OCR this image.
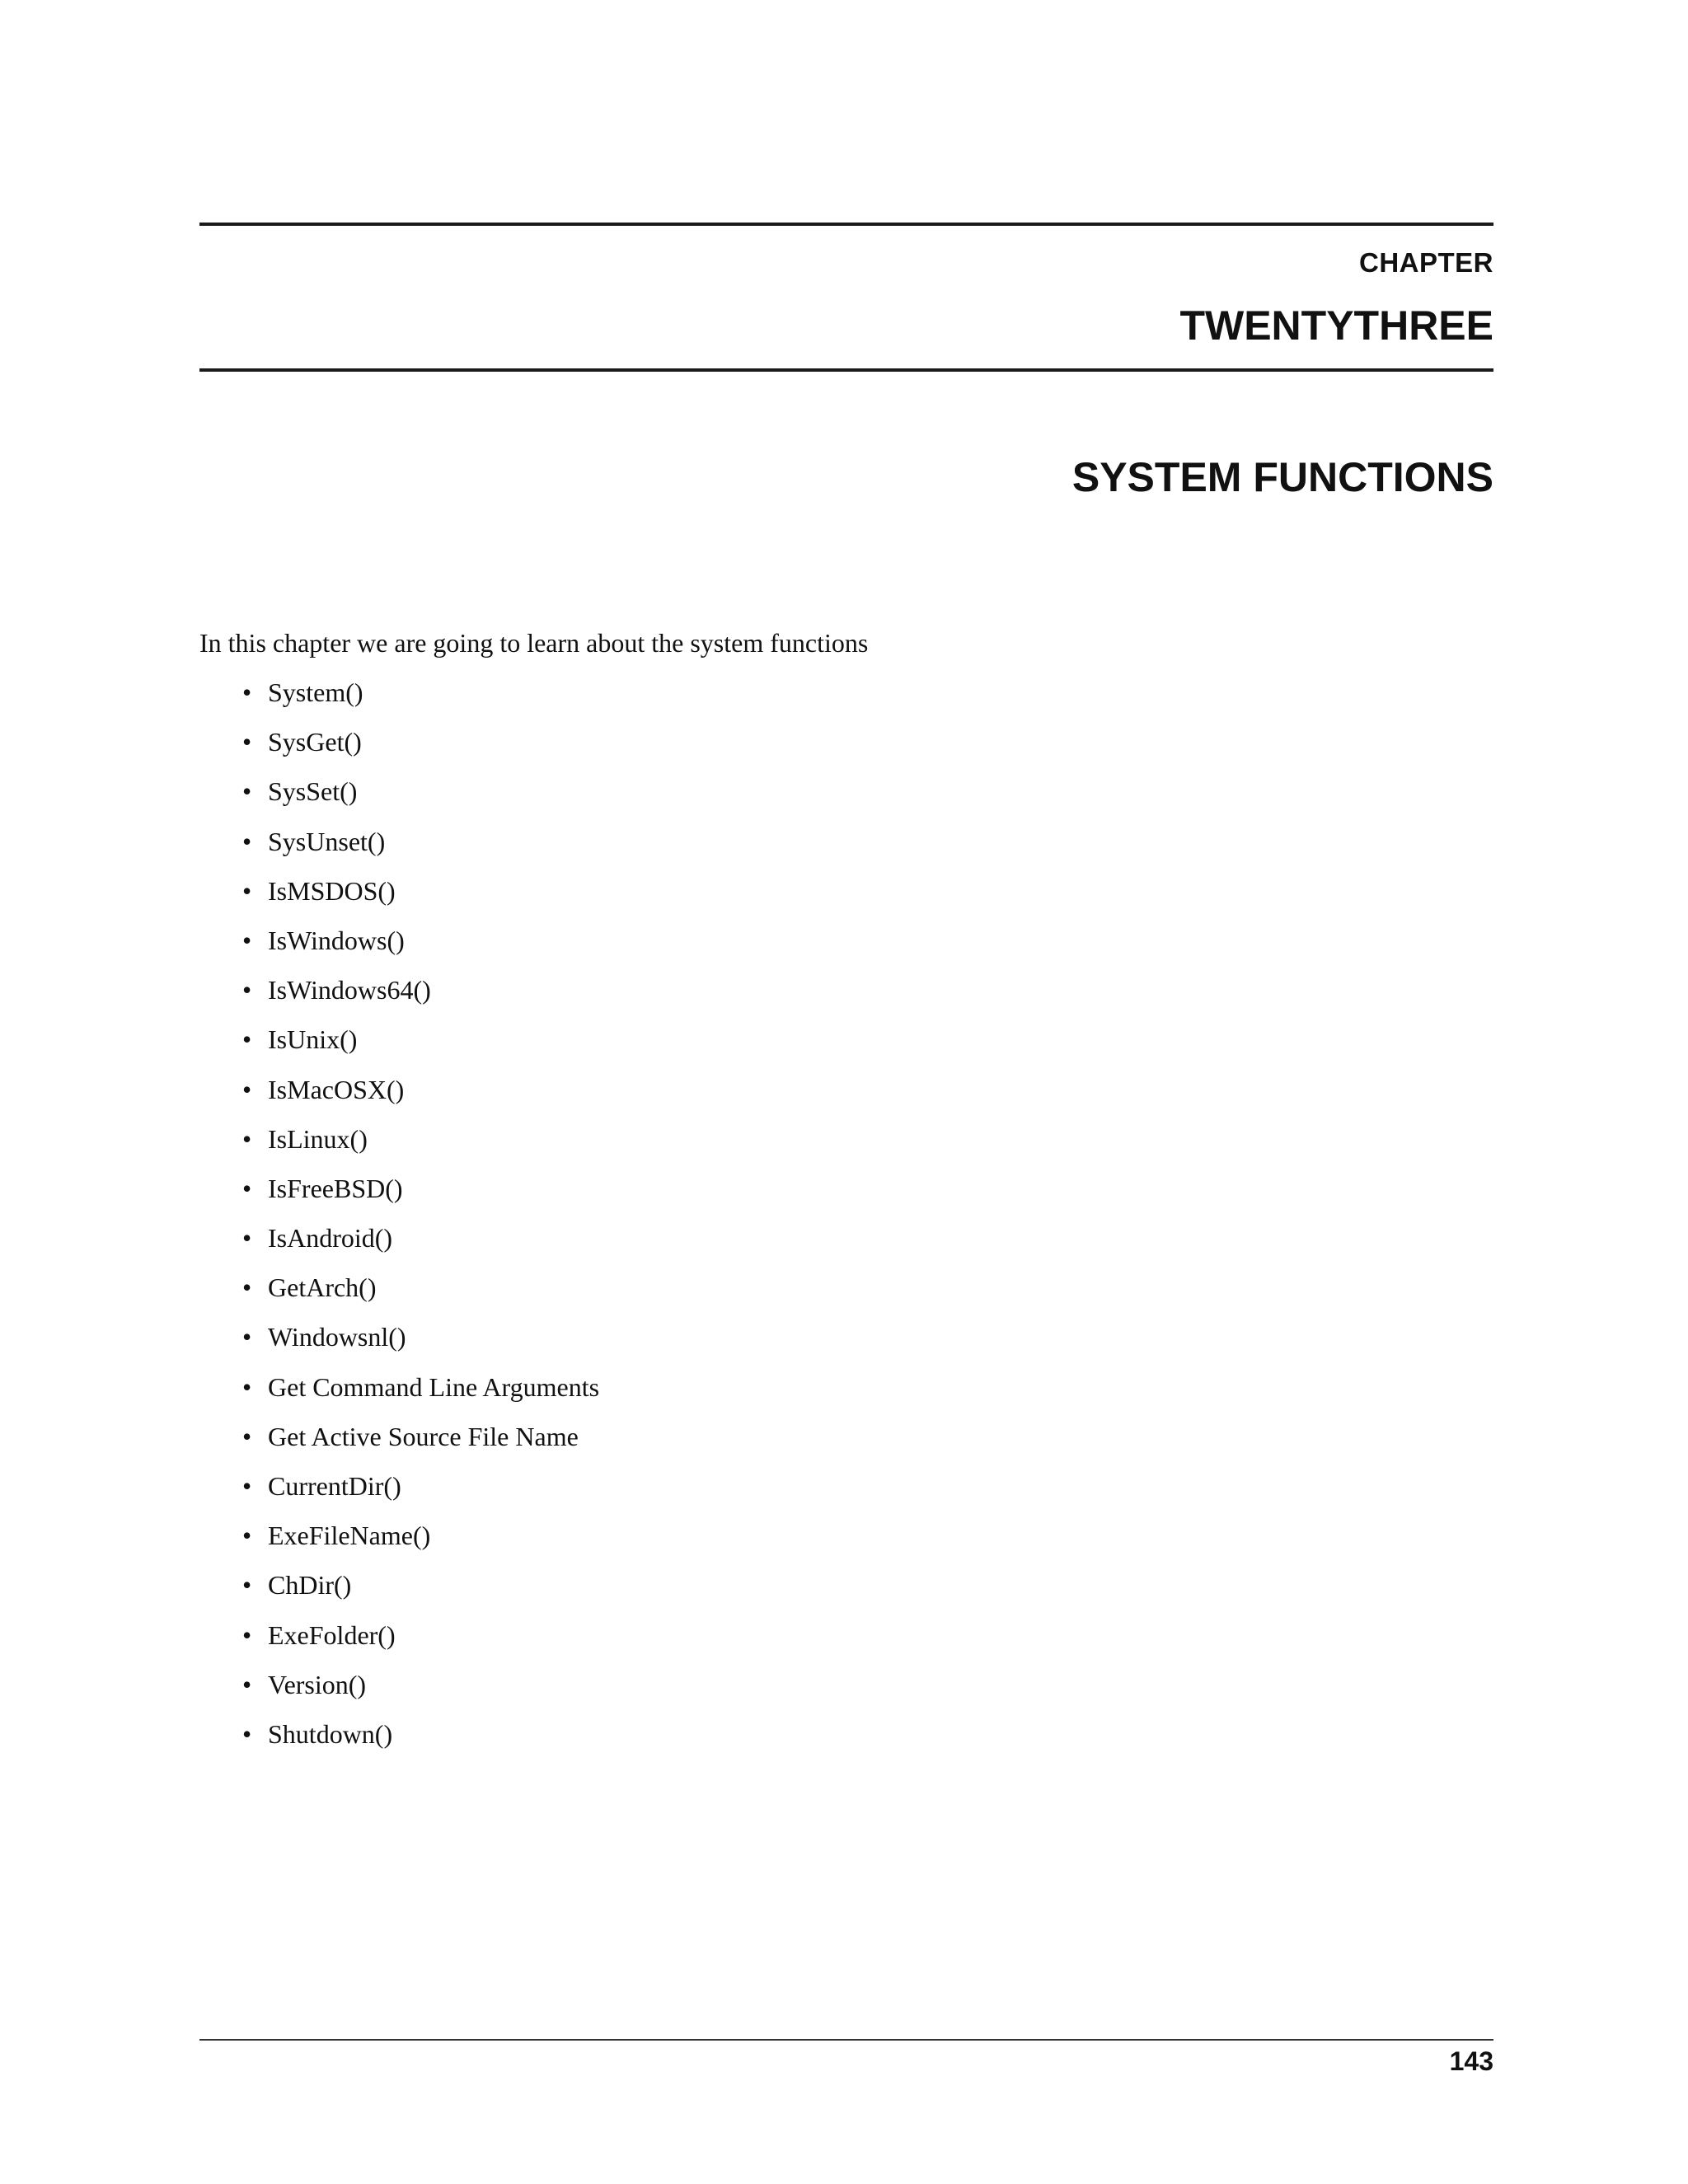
CHAPTER
TWENTYTHREE
SYSTEM FUNCTIONS
In this chapter we are going to learn about the system functions
• System()
• SysGet()
• SysSet()
• SysUnset()
• IsMSDOS()
• IsWindows()
• IsWindows64()
• IsUnix()
• IsMacOSX()
• IsLinux()
• IsFreeBSD()
• IsAndroid()
• GetArch()
• Windowsnl()
• Get Command Line Arguments
• Get Active Source File Name
• CurrentDir()
• ExeFileName()
• ChDir()
• ExeFolder()
• Version()
• Shutdown()
143
